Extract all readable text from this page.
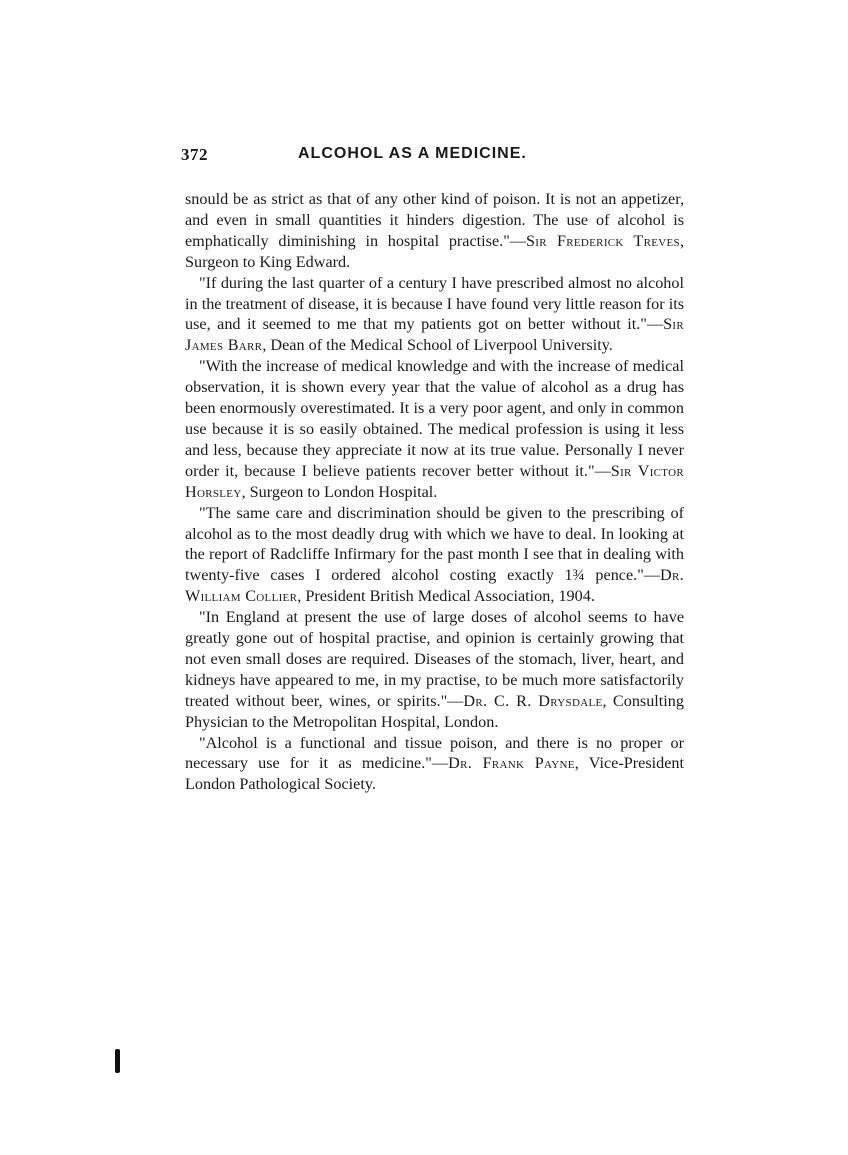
372	ALCOHOL AS A MEDICINE.

snould be as strict as that of any other kind of poison. It is not an appetizer, and even in small quantities it hinders digestion. The use of alcohol is emphatically diminishing in hospital practise."—Sir Frederick Treves, Surgeon to King Edward.

"If during the last quarter of a century I have prescribed almost no alcohol in the treatment of disease, it is because I have found very little reason for its use, and it seemed to me that my patients got on better without it."—Sir James Barr, Dean of the Medical School of Liverpool University.

"With the increase of medical knowledge and with the increase of medical observation, it is shown every year that the value of alcohol as a drug has been enormously overestimated. It is a very poor agent, and only in common use because it is so easily obtained. The medical profession is using it less and less, because they appreciate it now at its true value. Personally I never order it, because I believe patients recover better without it."—Sir Victor Horsley, Surgeon to London Hospital.

"The same care and discrimination should be given to the prescribing of alcohol as to the most deadly drug with which we have to deal. In looking at the report of Radcliffe Infirmary for the past month I see that in dealing with twenty-five cases I ordered alcohol costing exactly 1¾ pence."—Dr. William Collier, President British Medical Association, 1904.

"In England at present the use of large doses of alcohol seems to have greatly gone out of hospital practise, and opinion is certainly growing that not even small doses are required. Diseases of the stomach, liver, heart, and kidneys have appeared to me, in my practise, to be much more satisfactorily treated without beer, wines, or spirits."—Dr. C. R. Drysdale, Consulting Physician to the Metropolitan Hospital, London.

"Alcohol is a functional and tissue poison, and there is no proper or necessary use for it as medicine."—Dr. Frank Payne, Vice-President London Pathological Society.
